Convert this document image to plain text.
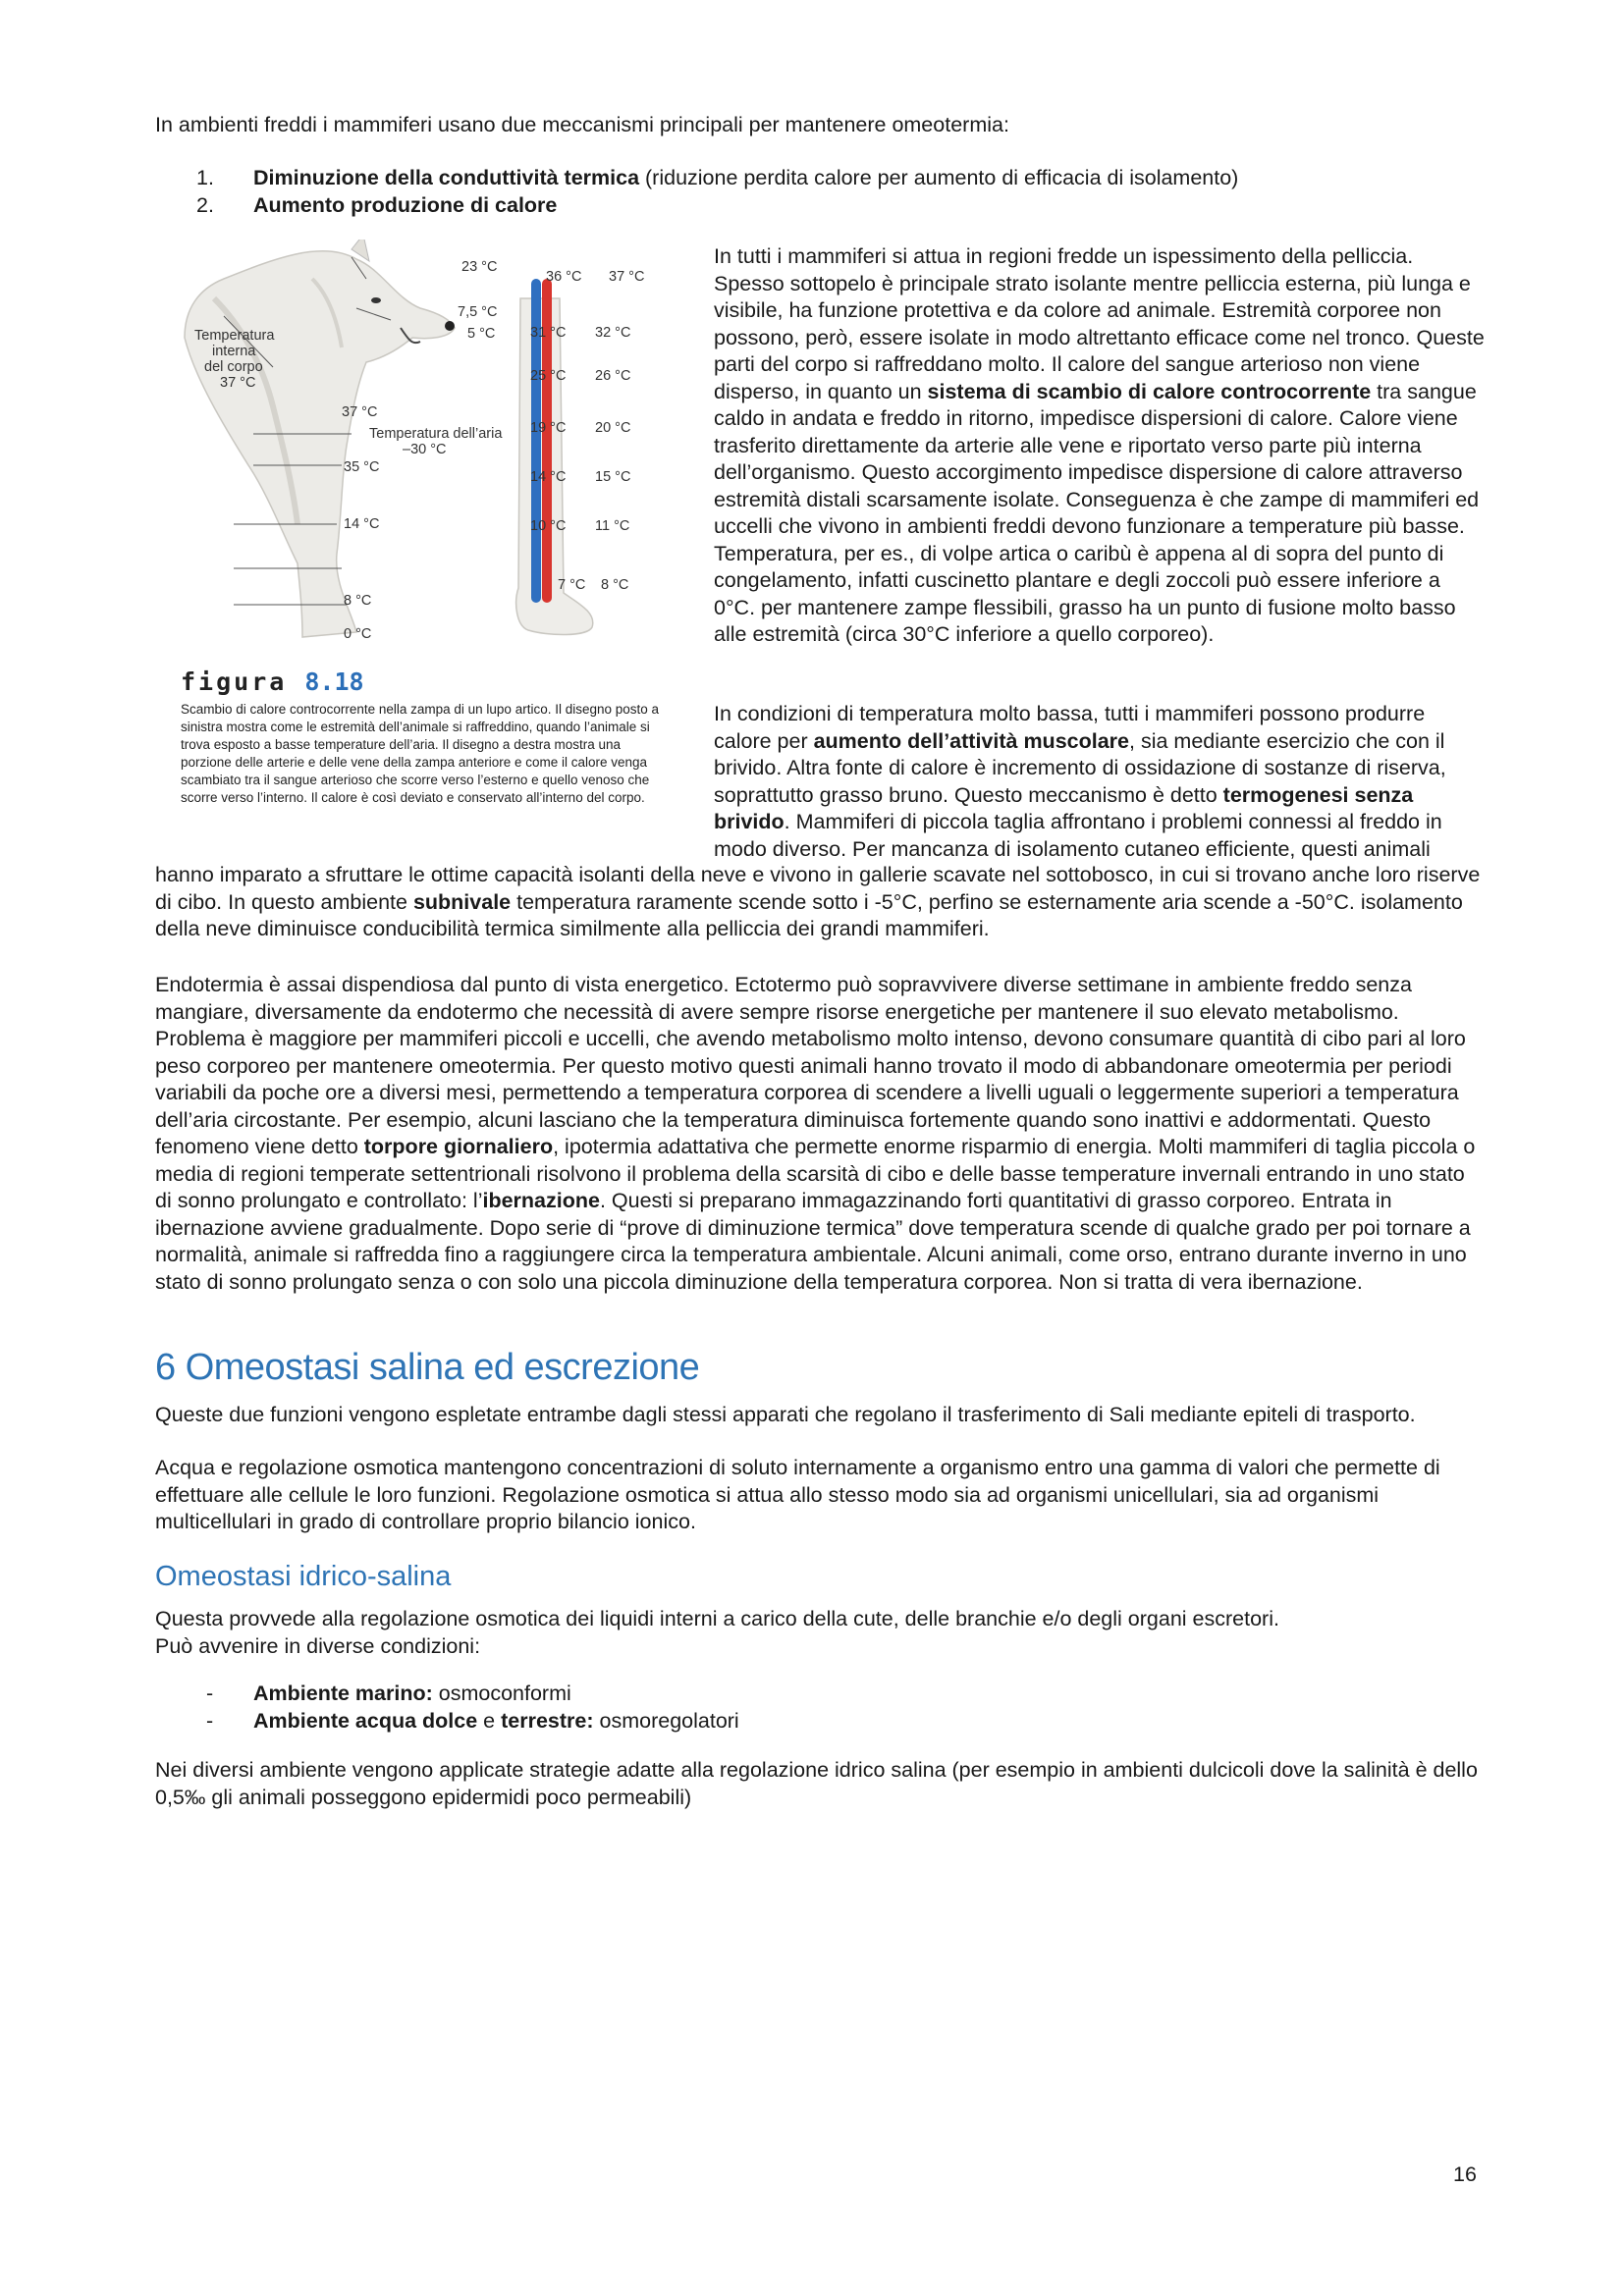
In ambienti freddi i mammiferi usano due meccanismi principali per mantenere omeotermia:

1. Diminuzione della conduttività termica (riduzione perdita calore per aumento di efficacia di isolamento)
2. Aumento produzione di calore
23 °C
36 °C 37 °C
7,5 °C
5 °C
Temperatura
interna
del corpo
37 °C
31 °C 32 °C
25 °C 26 °C
Temperatura dell’aria
–30 °C
37 °C
19 °C 20 °C
35 °C
14 °C 15 °C
14 °C	10 °C 11 °C
7 °C 8 °C
8 °C
0 °C
figura 8.18
Scambio di calore controcorrente nella zampa di un lupo artico. Il disegno posto a sinistra mostra come le estremità dell’animale si raffreddino, quando l’animale si trova esposto a basse temperature dell’aria. Il disegno a destra mostra una porzione delle arterie e delle vene della zampa anteriore e come il calore venga scambiato tra il sangue arterioso che scorre verso l’esterno e quello venoso che scorre verso l’interno. Il calore è così deviato e conservato all’interno del corpo.

In tutti i mammiferi si attua in regioni fredde un ispessimento della pelliccia. Spesso sottopelo è principale strato isolante mentre pelliccia esterna, più lunga e visibile, ha funzione protettiva e da colore ad animale. Estremità corporee non possono, però, essere isolate in modo altrettanto efficace come nel tronco. Queste parti del corpo si raffreddano molto. Il calore del sangue arterioso non viene disperso, in quanto un sistema di scambio di calore controcorrente tra sangue caldo in andata e freddo in ritorno, impedisce dispersioni di calore. Calore viene trasferito direttamente da arterie alle vene e riportato verso parte più interna dell’organismo. Questo accorgimento impedisce dispersione di calore attraverso estremità distali scarsamente isolate. Conseguenza è che zampe di mammiferi ed uccelli che vivono in ambienti freddi devono funzionare a temperature più basse. Temperatura, per es., di volpe artica o caribù è appena al di sopra del punto di congelamento, infatti cuscinetto plantare e degli zoccoli può essere inferiore a 0°C. per mantenere zampe flessibili, grasso ha un punto di fusione molto basso alle estremità (circa 30°C inferiore a quello corporeo).

In condizioni di temperatura molto bassa, tutti i mammiferi possono produrre calore per aumento dell’attività muscolare, sia mediante esercizio che con il brivido. Altra fonte di calore è incremento di ossidazione di sostanze di riserva, soprattutto grasso bruno. Questo meccanismo è detto termogenesi senza brivido. Mammiferi di piccola taglia affrontano i problemi connessi al freddo in modo diverso. Per mancanza di isolamento cutaneo efficiente, questi animali

hanno imparato a sfruttare le ottime capacità isolanti della neve e vivono in gallerie scavate nel sottobosco, in cui si trovano anche loro riserve di cibo. In questo ambiente subnivale temperatura raramente scende sotto i -5°C, perfino se esternamente aria scende a -50°C. isolamento della neve diminuisce conducibilità termica similmente alla pelliccia dei grandi mammiferi.

Endotermia è assai dispendiosa dal punto di vista energetico. Ectotermo può sopravvivere diverse settimane in ambiente freddo senza mangiare, diversamente da endotermo che necessità di avere sempre risorse energetiche per mantenere il suo elevato metabolismo. Problema è maggiore per mammiferi piccoli e uccelli, che avendo metabolismo molto intenso, devono consumare quantità di cibo pari al loro peso corporeo per mantenere omeotermia. Per questo motivo questi animali hanno trovato il modo di abbandonare omeotermia per periodi variabili da poche ore a diversi mesi, permettendo a temperatura corporea di scendere a livelli uguali o leggermente superiori a temperatura dell’aria circostante. Per esempio, alcuni lasciano che la temperatura diminuisca fortemente quando sono inattivi e addormentati. Questo fenomeno viene detto torpore giornaliero, ipotermia adattativa che permette enorme risparmio di energia. Molti mammiferi di taglia piccola o media di regioni temperate settentrionali risolvono il problema della scarsità di cibo e delle basse temperature invernali entrando in uno stato di sonno prolungato e controllato: l’ibernazione. Questi si preparano immagazzinando forti quantitativi di grasso corporeo. Entrata in ibernazione avviene gradualmente. Dopo serie di “prove di diminuzione termica” dove temperatura scende di qualche grado per poi tornare a normalità, animale si raffredda fino a raggiungere circa la temperatura ambientale. Alcuni animali, come orso, entrano durante inverno in uno stato di sonno prolungato senza o con solo una piccola diminuzione della temperatura corporea. Non si tratta di vera ibernazione.

6 Omeostasi salina ed escrezione

Queste due funzioni vengono espletate entrambe dagli stessi apparati che regolano il trasferimento di Sali mediante epiteli di trasporto.

Acqua e regolazione osmotica mantengono concentrazioni di soluto internamente a organismo entro una gamma di valori che permette di effettuare alle cellule le loro funzioni. Regolazione osmotica si attua allo stesso modo sia ad organismi unicellulari, sia ad organismi multicellulari in grado di controllare proprio bilancio ionico.

Omeostasi idrico-salina
Questa provvede alla regolazione osmotica dei liquidi interni a carico della cute, delle branchie e/o degli organi escretori.
Può avvenire in diverse condizioni:
- Ambiente marino: osmoconformi
- Ambiente acqua dolce e terrestre: osmoregolatori

Nei diversi ambiente vengono applicate strategie adatte alla regolazione idrico salina (per esempio in ambienti dulcicoli dove la salinità è dello 0,5‰ gli animali posseggono epidermidi poco permeabili)

16
